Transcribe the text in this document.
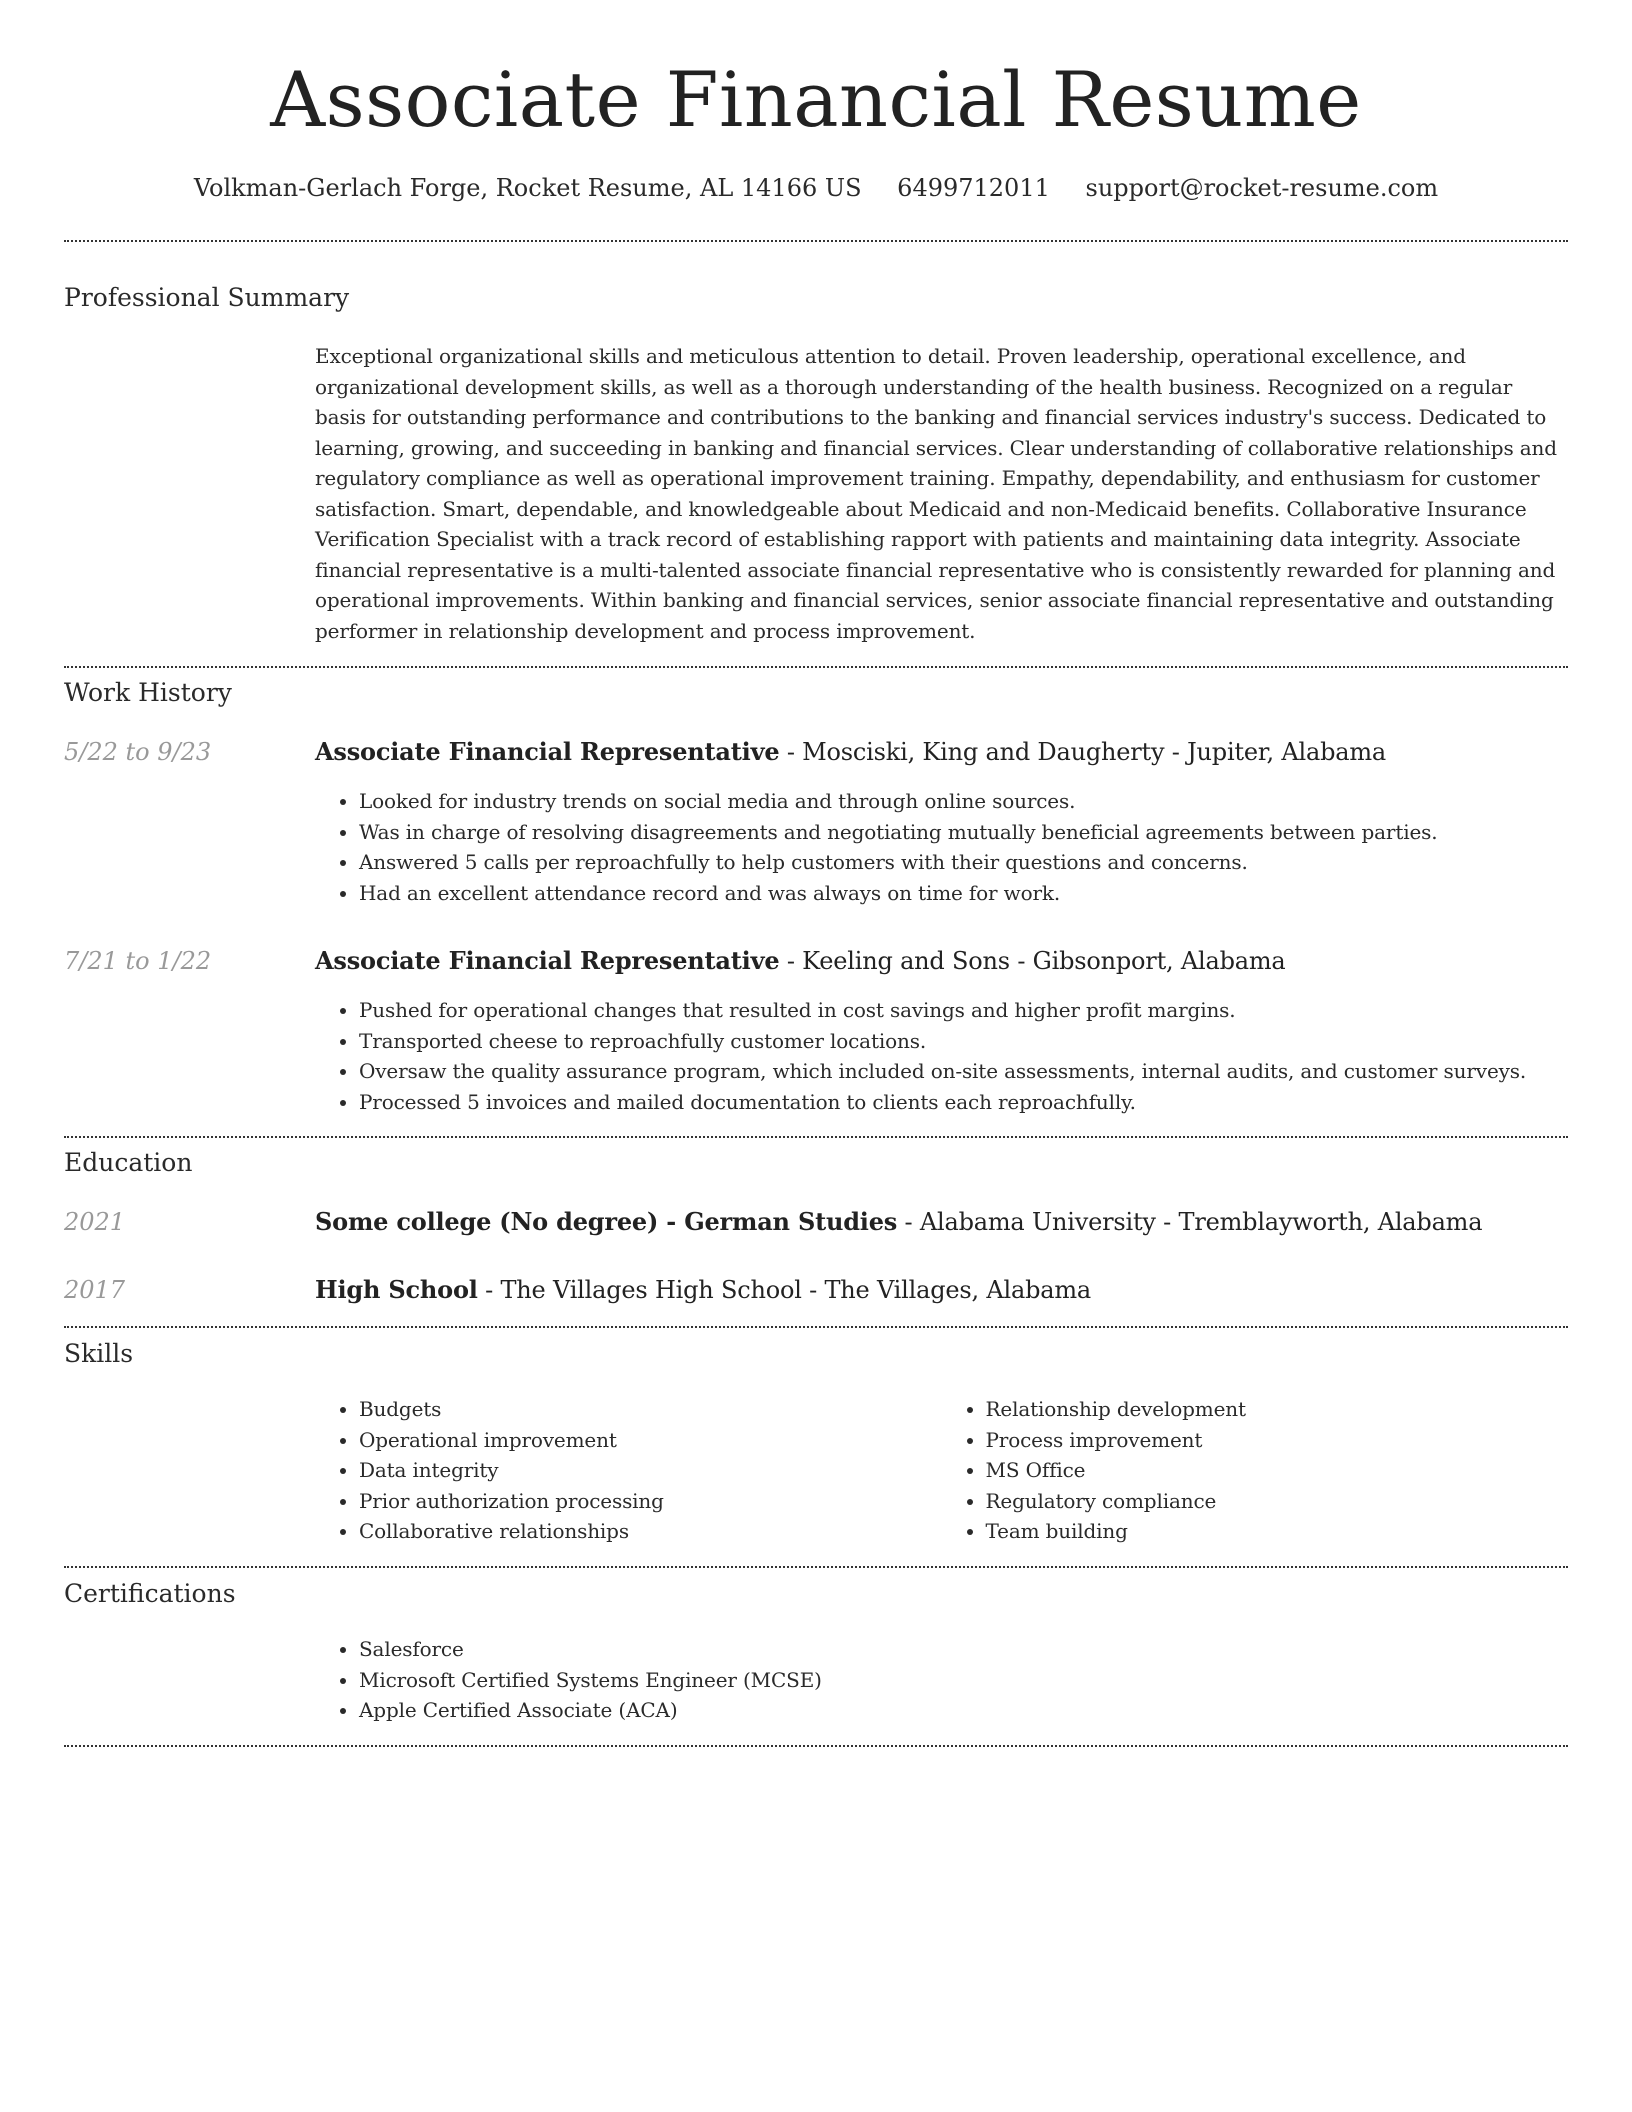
Associate Financial Resume
Volkman-Gerlach Forge, Rocket Resume, AL 14166 US 6499712011 support@rocket-resume.com
Professional Summary

Exceptional organizational skills and meticulous attention to detail. Proven leadership, operational excellence, and organizational development skills, as well as a thorough understanding of the health business. Recognized on a regular basis for outstanding performance and contributions to the banking and financial services industry's success. Dedicated to learning, growing, and succeeding in banking and financial services. Clear understanding of collaborative relationships and regulatory compliance as well as operational improvement training. Empathy, dependability, and enthusiasm for customer satisfaction. Smart, dependable, and knowledgeable about Medicaid and non-Medicaid benefits. Collaborative Insurance Verification Specialist with a track record of establishing rapport with patients and maintaining data integrity. Associate financial representative is a multi-talented associate financial representative who is consistently rewarded for planning and operational improvements. Within banking and financial services, senior associate financial representative and outstanding performer in relationship development and process improvement.

Work History
5/22 to 9/23	Associate Financial Representative - Mosciski, King and Daugherty - Jupiter, Alabama
• Looked for industry trends on social media and through online sources.
• Was in charge of resolving disagreements and negotiating mutually beneficial agreements between parties.
• Answered 5 calls per reproachfully to help customers with their questions and concerns.
• Had an excellent attendance record and was always on time for work.
7/21 to 1/22	Associate Financial Representative - Keeling and Sons - Gibsonport, Alabama
• Pushed for operational changes that resulted in cost savings and higher profit margins.
• Transported cheese to reproachfully customer locations.
• Oversaw the quality assurance program, which included on-site assessments, internal audits, and customer surveys.
• Processed 5 invoices and mailed documentation to clients each reproachfully.
Education
2021	Some college (No degree) - German Studies - Alabama University - Tremblayworth, Alabama
2017	High School - The Villages High School - The Villages, Alabama
Skills
• Budgets
• Operational improvement
• Data integrity
• Prior authorization processing
• Collaborative relationships
• Relationship development
• Process improvement
• MS Office
• Regulatory compliance
• Team building
Certifications
• Salesforce
• Microsoft Certified Systems Engineer (MCSE)
• Apple Certified Associate (ACA)
